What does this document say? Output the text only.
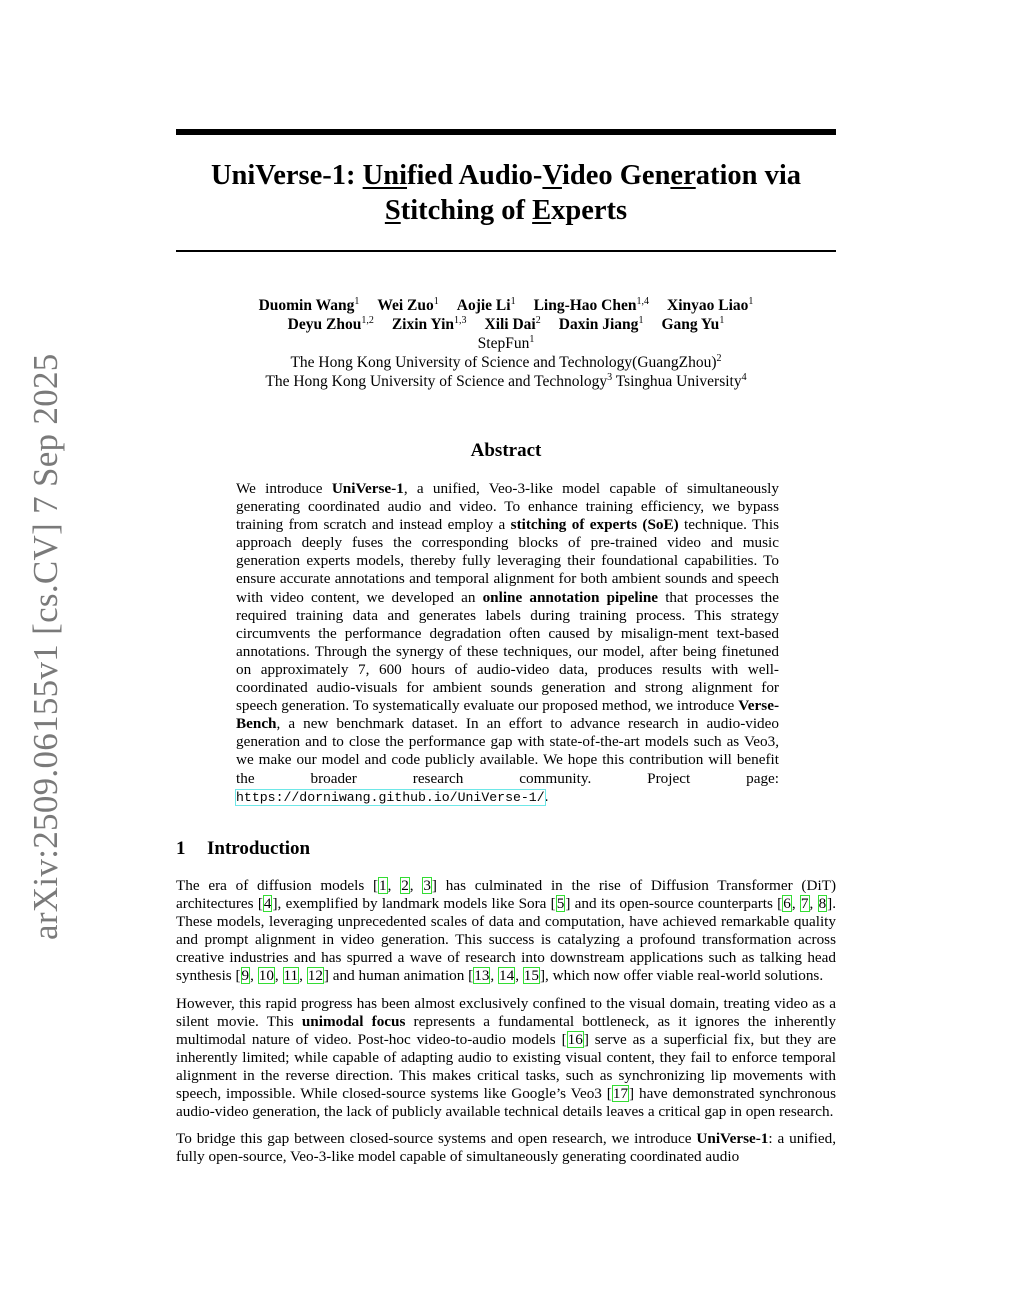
arXiv:2509.06155v1 [cs.CV] 7 Sep 2025
UniVerse-1: Unified Audio-Video Generation via
Stitching of Experts
Duomin Wang$^1$ Wei Zuo$^1$ Aojie Li$^1$ Ling-Hao Chen$^{1,4}$ Xinyao Liao$^1$
Deyu Zhou$^{1,2}$ Zixin Yin$^{1,3}$ Xili Dai$^2$ Daxin Jiang$^1$ Gang Yu$^1$
StepFun$^1$
The Hong Kong University of Science and Technology(GuangZhou)$^2$
The Hong Kong University of Science and Technology$^3$ Tsinghua University$^4$
Abstract

We introduce UniVerse-1, a unified, Veo-3-like model capable of simultaneously generating coordinated audio and video. To enhance training efficiency, we bypass training from scratch and instead employ a stitching of experts (SoE) technique. This approach deeply fuses the corresponding blocks of pre-trained video and music generation experts models, thereby fully leveraging their foundational capabilities. To ensure accurate annotations and temporal alignment for both ambient sounds and speech with video content, we developed an online annotation pipeline that processes the required training data and generates labels during training process. This strategy circumvents the performance degradation often caused by misalign-ment text-based annotations. Through the synergy of these techniques, our model, after being finetuned on approximately 7, 600 hours of audio-video data, produces results with well-coordinated audio-visuals for ambient sounds generation and strong alignment for speech generation. To systematically evaluate our proposed method, we introduce Verse-Bench, a new benchmark dataset. In an effort to advance research in audio-video generation and to close the performance gap with state-of-the-art models such as Veo3, we make our model and code publicly available. We hope this contribution will benefit the broader research community. Project page: https://dorniwang.github.io/UniVerse-1/.

1 Introduction

The era of diffusion models [1, 2, 3] has culminated in the rise of Diffusion Transformer (DiT) architectures [4], exemplified by landmark models like Sora [5] and its open-source counterparts [6, 7, 8]. These models, leveraging unprecedented scales of data and computation, have achieved remarkable quality and prompt alignment in video generation. This success is catalyzing a profound transformation across creative industries and has spurred a wave of research into downstream applications such as talking head synthesis [9, 10, 11, 12] and human animation [13, 14, 15], which now offer viable real-world solutions.

However, this rapid progress has been almost exclusively confined to the visual domain, treating video as a silent movie. This unimodal focus represents a fundamental bottleneck, as it ignores the inherently multimodal nature of video. Post-hoc video-to-audio models [16] serve as a superficial fix, but they are inherently limited; while capable of adapting audio to existing visual content, they fail to enforce temporal alignment in the reverse direction. This makes critical tasks, such as synchronizing lip movements with speech, impossible. While closed-source systems like Google’s Veo3 [17] have demonstrated synchronous audio-video generation, the lack of publicly available technical details leaves a critical gap in open research.

To bridge this gap between closed-source systems and open research, we introduce UniVerse-1: a unified, fully open-source, Veo-3-like model capable of simultaneously generating coordinated audio
